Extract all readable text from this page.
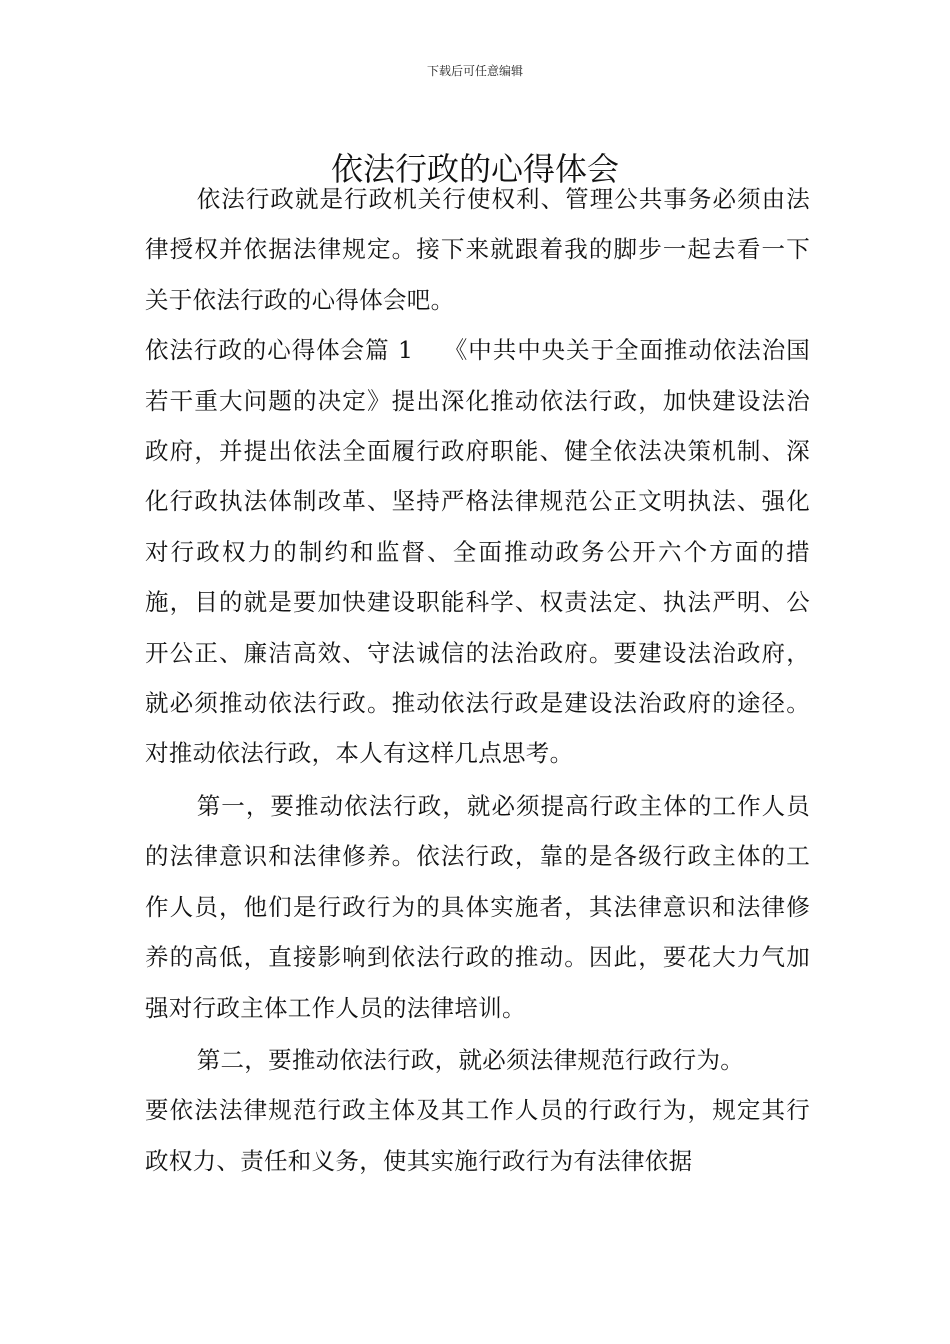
下载后可任意编辑
依法行政的心得体会

依法行政就是行政机关行使权利、管理公共事务必须由法律授权并依据法律规定。接下来就跟着我的脚步一起去看一下关于依法行政的心得体会吧。

依法行政的心得体会篇 1 《中共中央关于全面推动依法治国若干重大问题的决定》提出深化推动依法行政，加快建设法治政府，并提出依法全面履行政府职能、健全依法决策机制、深化行政执法体制改革、坚持严格法律规范公正文明执法、强化对行政权力的制约和监督、全面推动政务公开六个方面的措施，目的就是要加快建设职能科学、权责法定、执法严明、公开公正、廉洁高效、守法诚信的法治政府。要建设法治政府，就必须推动依法行政。推动依法行政是建设法治政府的途径。对推动依法行政，本人有这样几点思考。

第一，要推动依法行政，就必须提高行政主体的工作人员的法律意识和法律修养。依法行政，靠的是各级行政主体的工作人员，他们是行政行为的具体实施者，其法律意识和法律修养的高低，直接影响到依法行政的推动。因此，要花大力气加强对行政主体工作人员的法律培训。

第二，要推动依法行政，就必须法律规范行政行为。
要依法法律规范行政主体及其工作人员的行政行为，规定其行政权力、责任和义务，使其实施行政行为有法律依据
